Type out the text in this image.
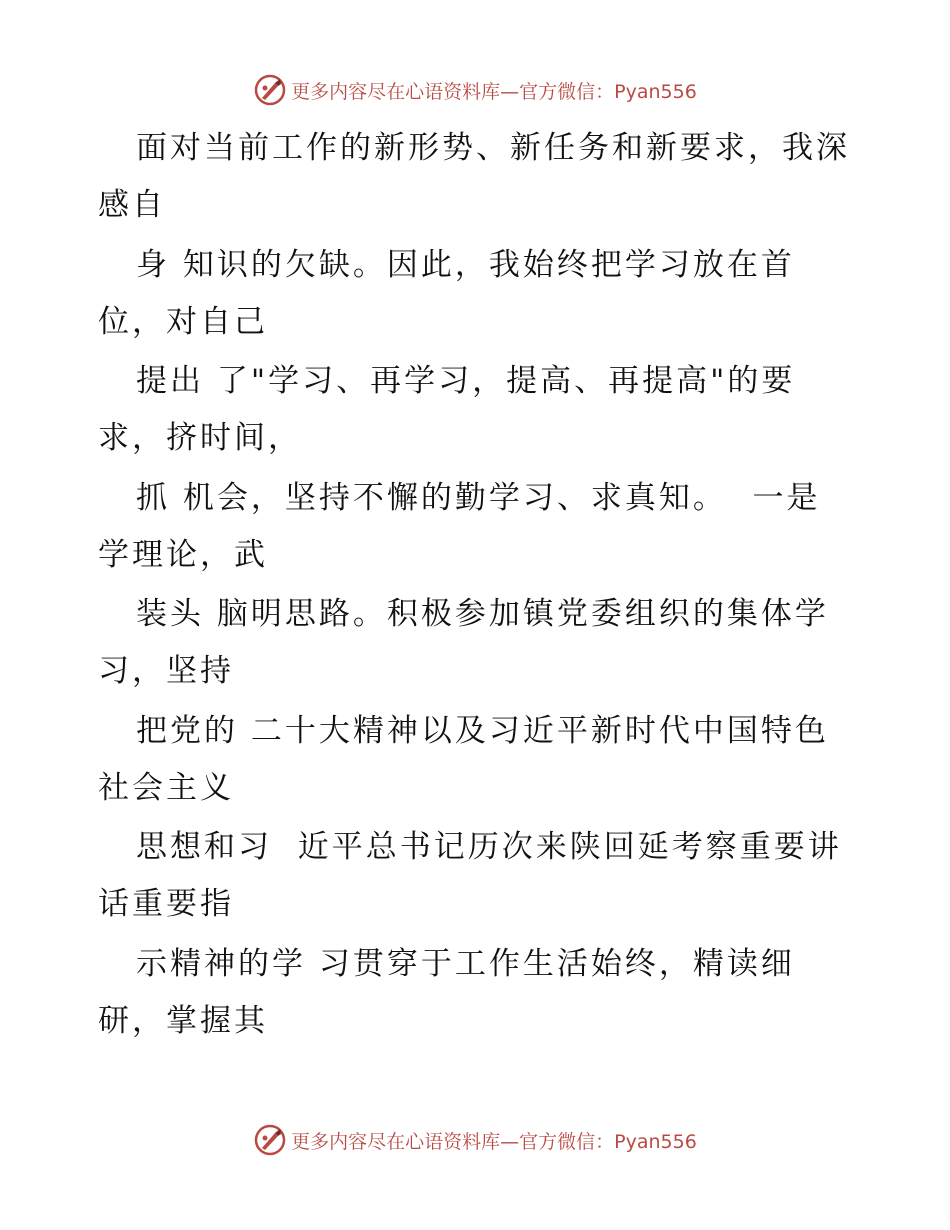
更多内容尽在心语资料库—官方微信：Pyan556
面对当前工作的新形势、新任务和新要求，我深
感自
身 知识的欠缺。因此，我始终把学习放在首
位，对自己
提出 了"学习、再学习，提高、再提高"的要
求，挤时间，
抓 机会，坚持不懈的勤学习、求真知。  一是
学理论，武
装头 脑明思路。积极参加镇党委组织的集体学
习，坚持
把党的 二十大精神以及习近平新时代中国特色
社会主义
思想和习  近平总书记历次来陕回延考察重要讲
话重要指
示精神的学 习贯穿于工作生活始终，精读细
研，掌握其
更多内容尽在心语资料库—官方微信：Pyan556
